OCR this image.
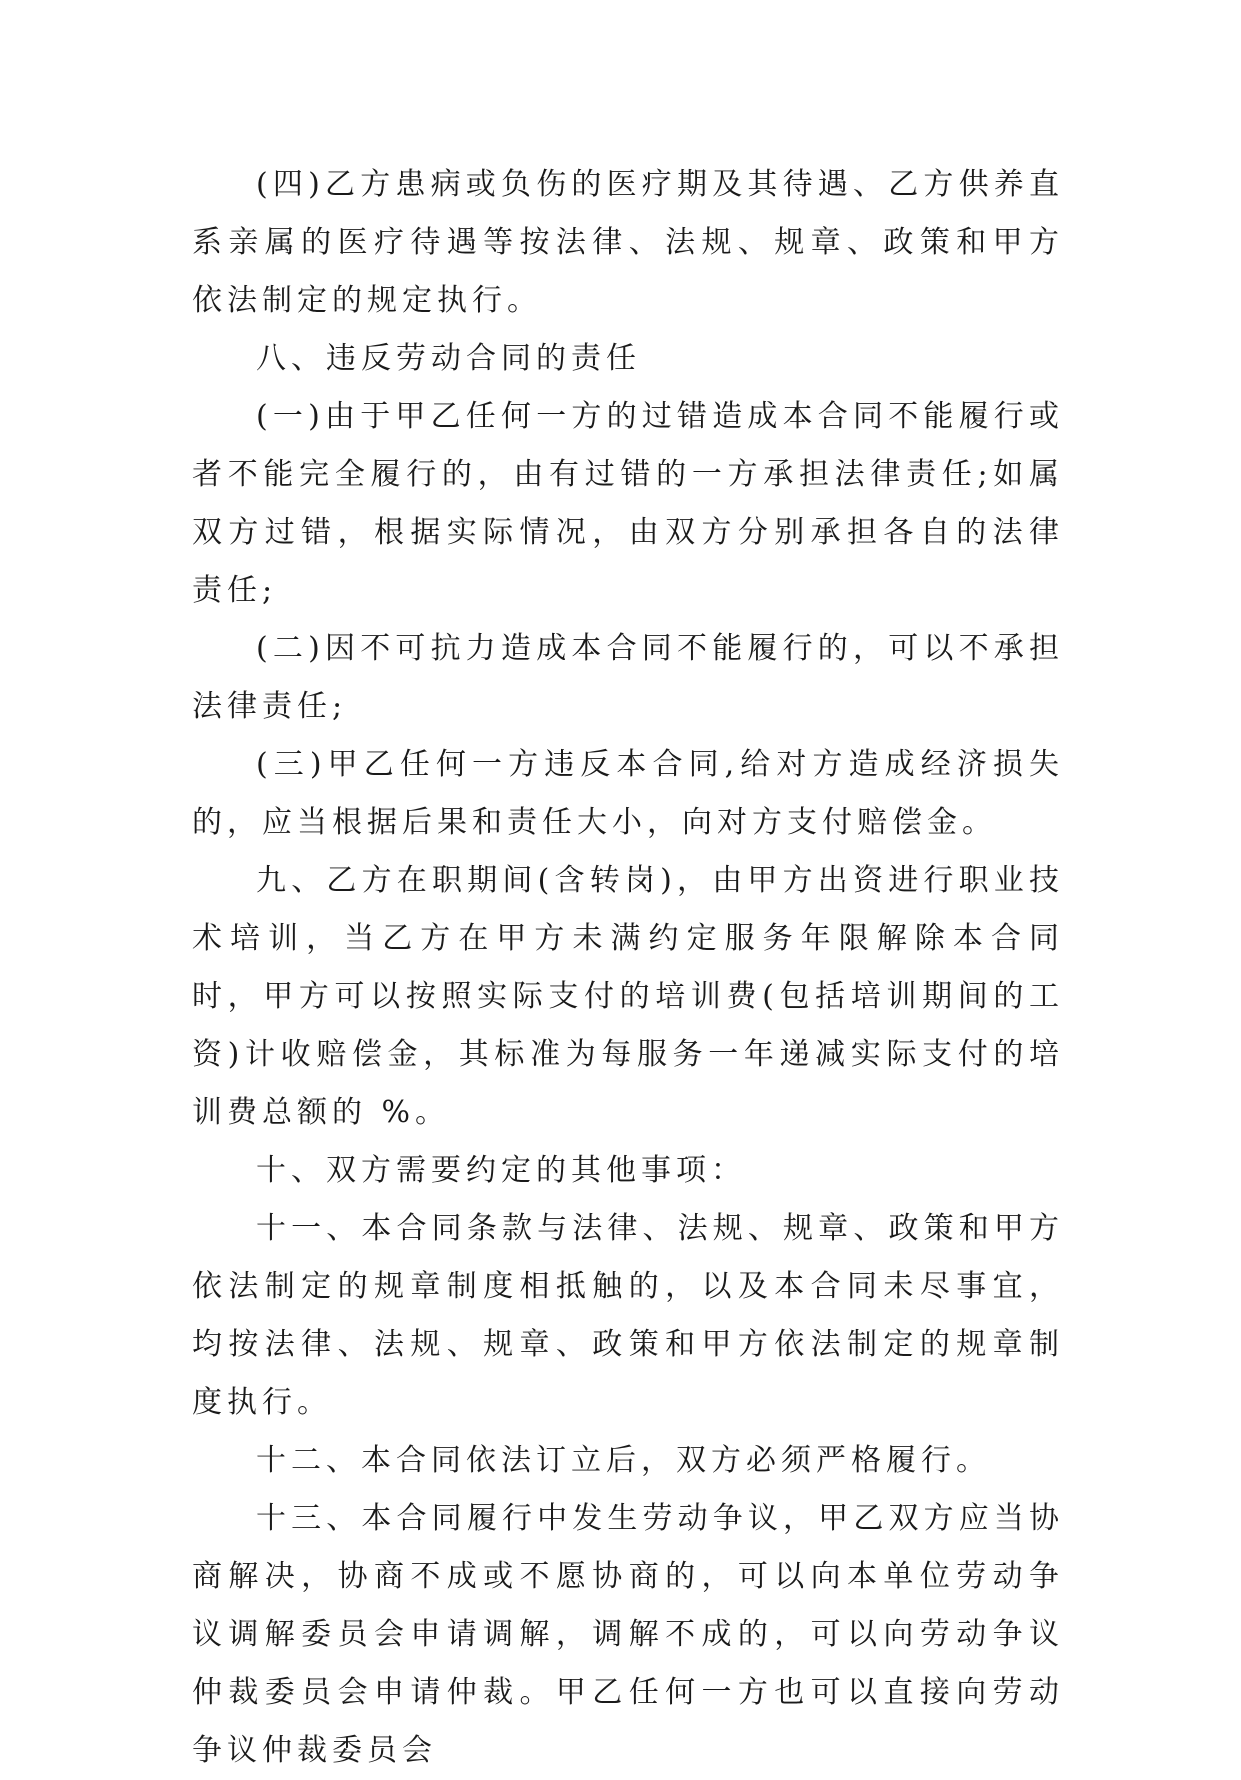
(四)乙方患病或负伤的医疗期及其待遇、乙方供养直系亲属的医疗待遇等按法律、法规、规章、政策和甲方依法制定的规定执行。

八、违反劳动合同的责任

(一)由于甲乙任何一方的过错造成本合同不能履行或者不能完全履行的，由有过错的一方承担法律责任;如属双方过错，根据实际情况，由双方分别承担各自的法律责任;

(二)因不可抗力造成本合同不能履行的，可以不承担法律责任;

(三)甲乙任何一方违反本合同,给对方造成经济损失的，应当根据后果和责任大小，向对方支付赔偿金。

九、乙方在职期间(含转岗)，由甲方出资进行职业技术培训，当乙方在甲方未满约定服务年限解除本合同时，甲方可以按照实际支付的培训费(包括培训期间的工资)计收赔偿金，其标准为每服务一年递减实际支付的培训费总额的 %。

十、双方需要约定的其他事项：

十一、本合同条款与法律、法规、规章、政策和甲方依法制定的规章制度相抵触的，以及本合同未尽事宜，均按法律、法规、规章、政策和甲方依法制定的规章制度执行。

十二、本合同依法订立后，双方必须严格履行。

十三、本合同履行中发生劳动争议，甲乙双方应当协商解决，协商不成或不愿协商的，可以向本单位劳动争议调解委员会申请调解，调解不成的，可以向劳动争议仲裁委员会申请仲裁。甲乙任何一方也可以直接向劳动争议仲裁委员会
